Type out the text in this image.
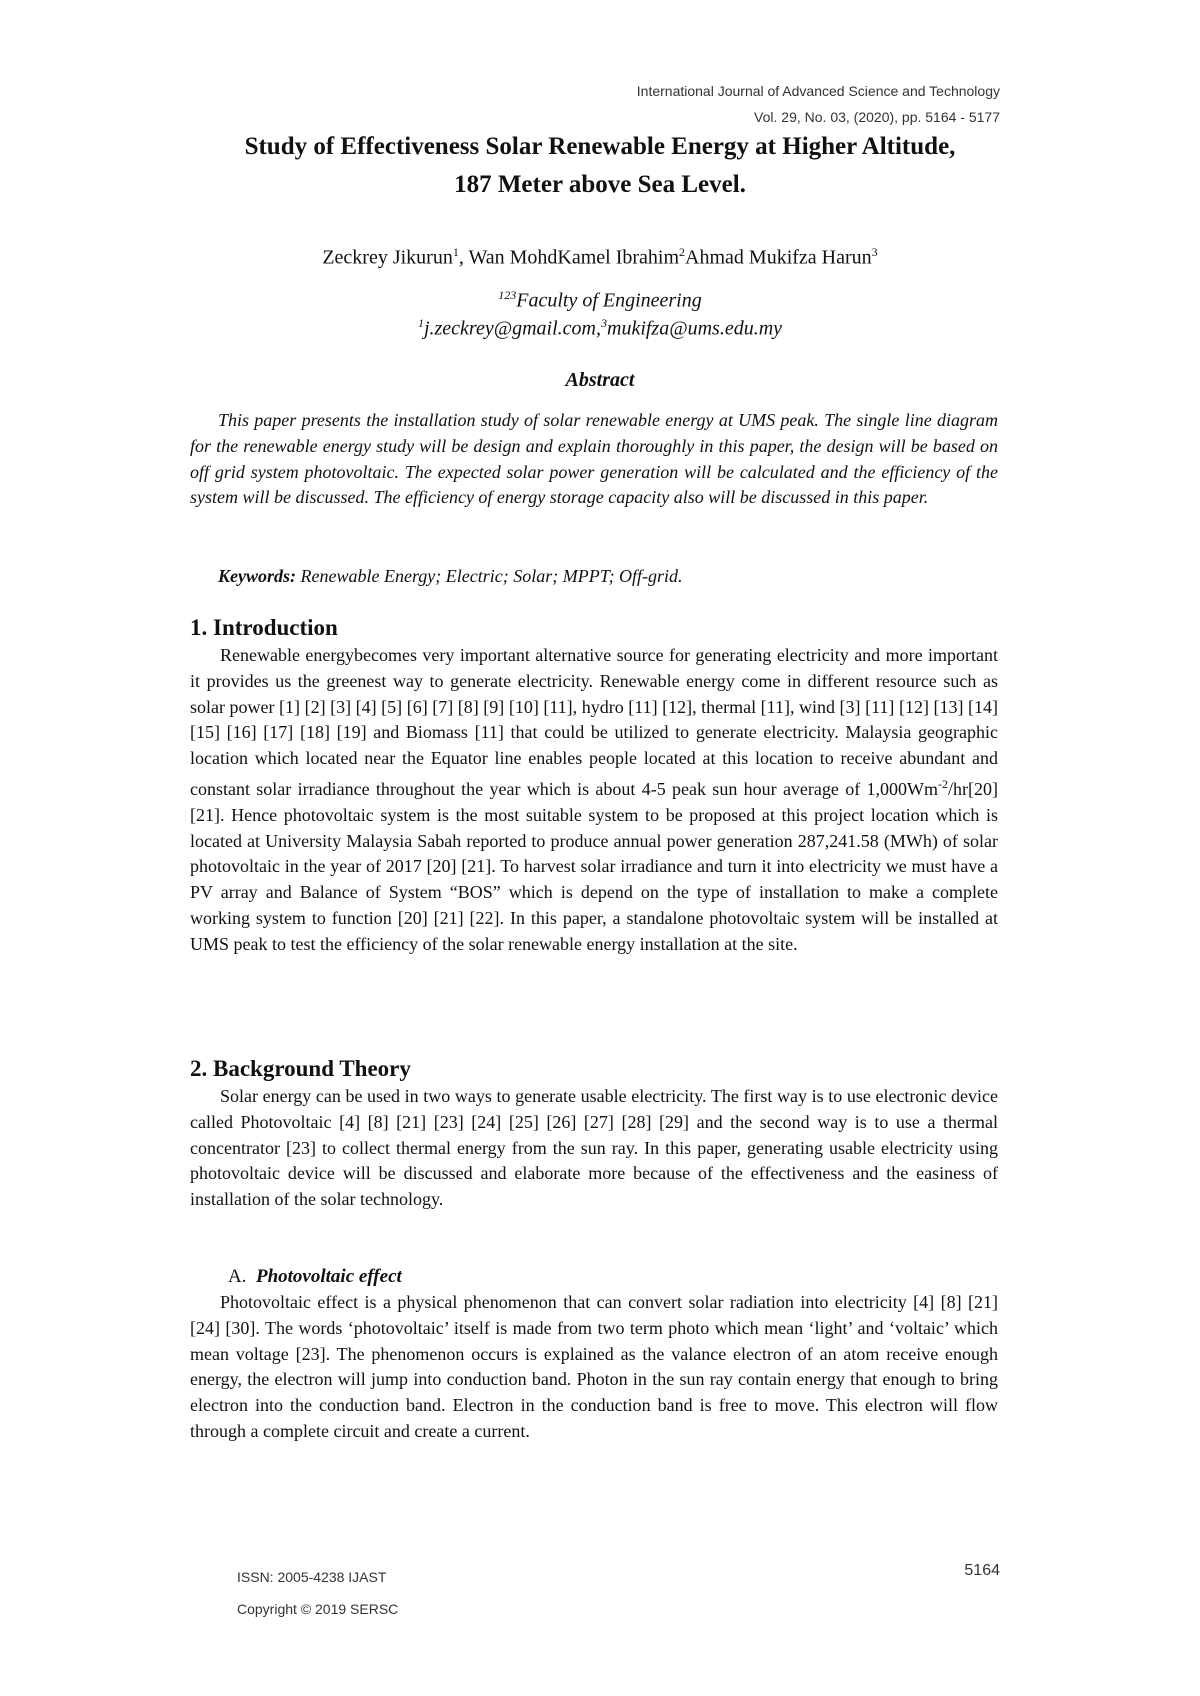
International Journal of Advanced Science and Technology
Vol. 29, No. 03, (2020), pp. 5164 - 5177
Study of Effectiveness Solar Renewable Energy at Higher Altitude,
187 Meter above Sea Level.
Zeckrey Jikurun$^1$, Wan MohdKamel Ibrahim$^2$Ahmad Mukifza Harun$^3$
$^{123}$Faculty of Engineering
$^1$j.zeckrey@gmail.com,$^3$mukifza@ums.edu.my
Abstract

This paper presents the installation study of solar renewable energy at UMS peak. The single line diagram for the renewable energy study will be design and explain thoroughly in this paper, the design will be based on off grid system photovoltaic. The expected solar power generation will be calculated and the efficiency of the system will be discussed. The efficiency of energy storage capacity also will be discussed in this paper.

Keywords: Renewable Energy; Electric; Solar; MPPT; Off-grid.
1. Introduction

Renewable energybecomes very important alternative source for generating electricity and more important it provides us the greenest way to generate electricity. Renewable energy come in different resource such as solar power [1] [2] [3] [4] [5] [6] [7] [8] [9] [10] [11], hydro [11] [12], thermal [11], wind [3] [11] [12] [13] [14] [15] [16] [17] [18] [19] and Biomass [11] that could be utilized to generate electricity. Malaysia geographic location which located near the Equator line enables people located at this location to receive abundant and constant solar irradiance throughout the year which is about 4-5 peak sun hour average of $1,000Wm^{-2}/hr[20]$ [21]. Hence photovoltaic system is the most suitable system to be proposed at this project location which is located at University Malaysia Sabah reported to produce annual power generation 287,241.58 (MWh) of solar photovoltaic in the year of 2017 [20] [21]. To harvest solar irradiance and turn it into electricity we must have a PV array and Balance of System “BOS” which is depend on the type of installation to make a complete working system to function [20] [21] [22]. In this paper, a standalone photovoltaic system will be installed at UMS peak to test the efficiency of the solar renewable energy installation at the site.

2. Background Theory

Solar energy can be used in two ways to generate usable electricity. The first way is to use electronic device called Photovoltaic [4] [8] [21] [23] [24] [25] [26] [27] [28] [29] and the second way is to use a thermal concentrator [23] to collect thermal energy from the sun ray. In this paper, generating usable electricity using photovoltaic device will be discussed and elaborate more because of the effectiveness and the easiness of installation of the solar technology.

A. Photovoltaic effect

Photovoltaic effect is a physical phenomenon that can convert solar radiation into electricity [4] [8] [21] [24] [30]. The words ‘photovoltaic’ itself is made from two term photo which mean ‘light’ and ‘voltaic’ which mean voltage [23]. The phenomenon occurs is explained as the valance electron of an atom receive enough energy, the electron will jump into conduction band. Photon in the sun ray contain energy that enough to bring electron into the conduction band. Electron in the conduction band is free to move. This electron will flow through a complete circuit and create a current.

ISSN: 2005-4238 IJAST
Copyright © 2019 SERSC
5164
